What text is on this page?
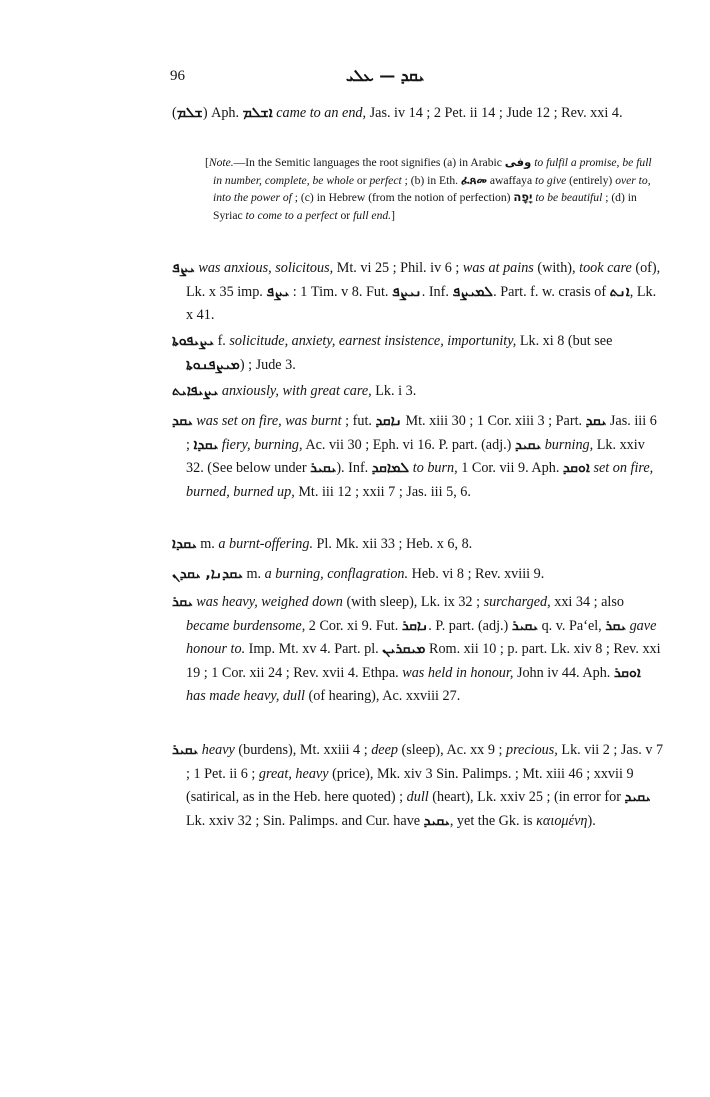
96	ܝܩܕ — ܥܠܝ
(ܫܠܡ) Aph. ܐܫܠܡ came to an end, Jas. iv 14 ; 2 Pet. ii 14 ; Jude 12 ; Rev. xxi 4.
[Note.—In the Semitic languages the root signifies (a) in Arabic وفى to fulfil a promise, be full in number, complete, be whole or perfect ; (b) in Eth. ፈጸመ awaffaya to give (entirely) over to, into the power of ; (c) in Hebrew (from the notion of perfection) יָפָה to be beautiful ; (d) in Syriac to come to a perfect or full end.]
ܝܨܦ was anxious, solicitous, Mt. vi 25 ; Phil. iv 6 ; was at pains (with), took care (of), Lk. x 35 imp. ܝܨܦ : 1 Tim. v 8. Fut. ܢܝܨܦ. Inf. ܠܡܝܨܦ. Part. f. w. crasis of ܐܢܬ, Lk. x 41.
ܝܨܝܦܘܬܐ f. solicitude, anxiety, earnest insistence, importunity, Lk. xi 8 (but see ܡܝܨܦܢܘܬܐ) ; Jude 3.
ܝܨܝܦܐܝܬ anxiously, with great care, Lk. i 3.
ܝܩܕ was set on fire, was burnt ; fut. ܢܐܩܕ Mt. xiii 30 ; 1 Cor. xiii 3 ; Part. ܝܩܕ Jas. iii 6 ; ܝܩܕܐ fiery, burning, Ac. vii 30 ; Eph. vi 16. P. part. (adj.) ܝܩܝܕ burning, Lk. xxiv 32. (See below under ܝܩܝܪ). Inf. ܠܡܐܩܕ to burn, 1 Cor. vii 9. Aph. ܐܘܩܕ set on fire, burned, burned up, Mt. iii 12 ; xxii 7 ; Jas. iii 5, 6.
ܝܩܕܐ m. a burnt-offering. Pl. Mk. xii 33 ; Heb. x 6, 8.
ܝܩܕܢܐ, ܝܩܕܢ m. a burning, conflagration. Heb. vi 8 ; Rev. xviii 9.
ܝܩܪ was heavy, weighed down (with sleep), Lk. ix 32 ; surcharged, xxi 34 ; also became burdensome, 2 Cor. xi 9. Fut. ܢܐܩܪ. P. part. (adj.) ܝܩܝܪ q. v. Pa‘el, ܝܩܪ gave honour to. Imp. Mt. xv 4. Part. pl. ܡܝܩܪܝܢ Rom. xii 10 ; p. part. Lk. xiv 8 ; Rev. xxi 19 ; 1 Cor. xii 24 ; Rev. xvii 4. Ethpa. was held in honour, John iv 44. Aph. ܐܘܩܪ has made heavy, dull (of hearing), Ac. xxviii 27.
ܝܩܝܪ heavy (burdens), Mt. xxiii 4 ; deep (sleep), Ac. xx 9 ; precious, Lk. vii 2 ; Jas. v 7 ; 1 Pet. ii 6 ; great, heavy (price), Mk. xiv 3 Sin. Palimps. ; Mt. xiii 46 ; xxvii 9 (satirical, as in the Heb. here quoted) ; dull (heart), Lk. xxiv 25 ; (in error for ܝܩܝܕ Lk. xxiv 32 ; Sin. Palimps. and Cur. have ܝܩܝܕ, yet the Gk. is καιομένη).
